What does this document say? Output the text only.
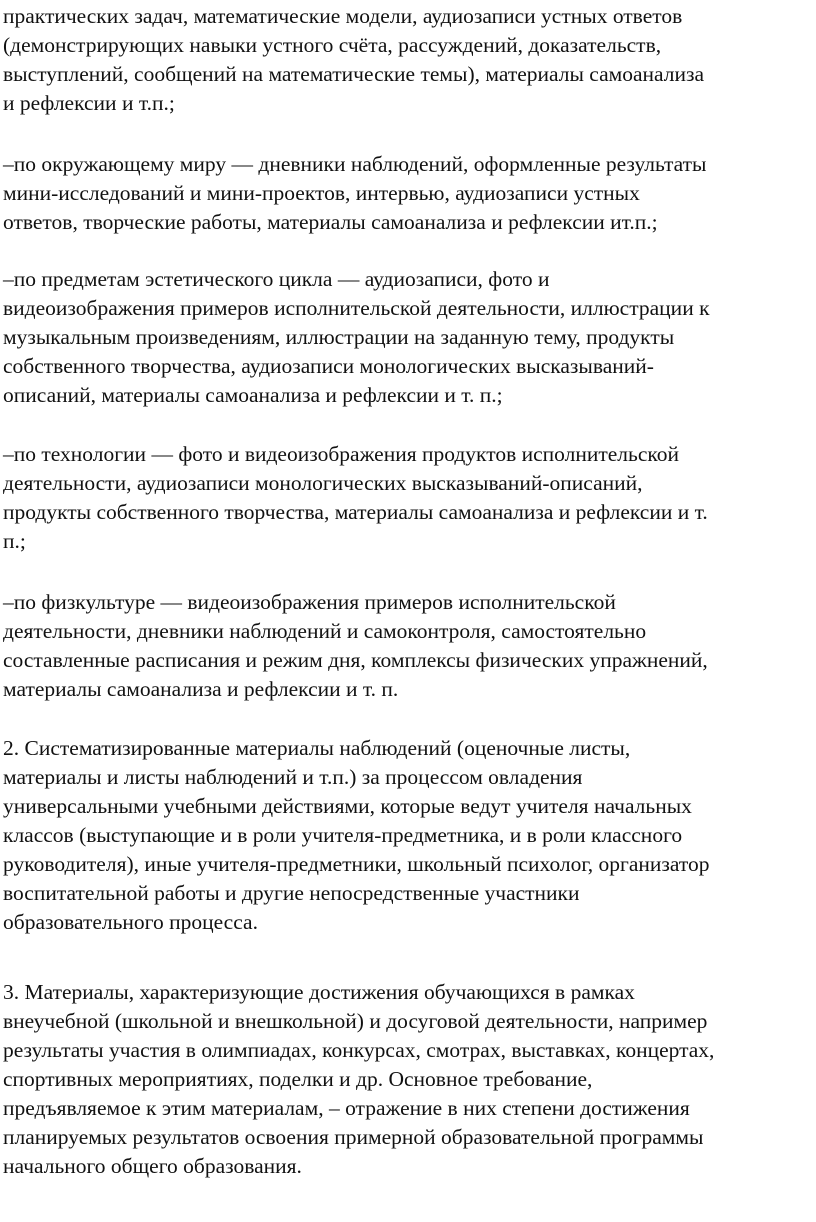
практических задач, математические модели, аудиозаписи устных ответов
(демонстрирующих навыки устного счёта, рассуждений, доказательств,
выступлений, сообщений на математические темы), материалы самоанализа
и рефлексии и т.п.;

–по окружающему миру — дневники наблюдений, оформленные результаты
мини-исследований и мини-проектов, интервью, аудиозаписи устных
ответов, творческие работы, материалы самоанализа и рефлексии ит.п.;

–по предметам эстетического цикла — аудиозаписи, фото и
видеоизображения примеров исполнительской деятельности, иллюстрации к
музыкальным произведениям, иллюстрации на заданную тему, продукты
собственного творчества, аудиозаписи монологических высказываний-
описаний, материалы самоанализа и рефлексии и т. п.;

–по технологии — фото и видеоизображения продуктов исполнительской
деятельности, аудиозаписи монологических высказываний-описаний,
продукты собственного творчества, материалы самоанализа и рефлексии и т.
п.;

–по физкультуре — видеоизображения примеров исполнительской
деятельности, дневники наблюдений и самоконтроля, самостоятельно
составленные расписания и режим дня, комплексы физических упражнений,
материалы самоанализа и рефлексии и т. п.

2. Систематизированные материалы наблюдений (оценочные листы,
материалы и листы наблюдений и т.п.) за процессом овладения
универсальными учебными действиями, которые ведут учителя начальных
классов (выступающие и в роли учителя-предметника, и в роли классного
руководителя), иные учителя-предметники, школьный психолог, организатор
воспитательной работы и другие непосредственные участники
образовательного процесса.

3. Материалы, характеризующие достижения обучающихся в рамках
внеучебной (школьной и внешкольной) и досуговой деятельности, например
результаты участия в олимпиадах, конкурсах, смотрах, выставках, концертах,
спортивных мероприятиях, поделки и др. Основное требование,
предъявляемое к этим материалам, – отражение в них степени достижения
планируемых результатов освоения примерной образовательной программы
начального общего образования.
